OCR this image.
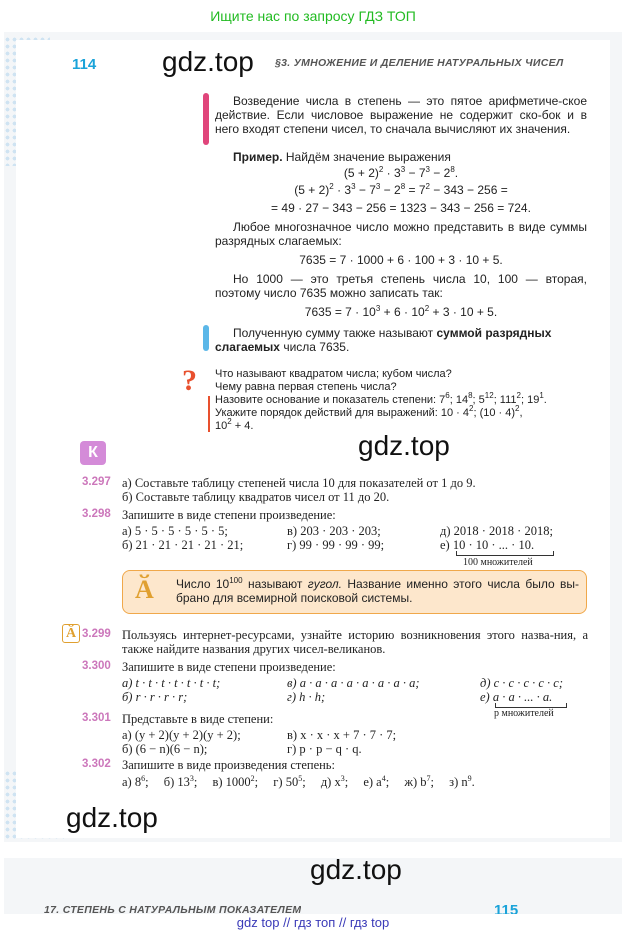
Ищите нас по запросу ГДЗ ТОП
114	§3. УМНОЖЕНИЕ И ДЕЛЕНИЕ НАТУРАЛЬНЫХ ЧИСЕЛ
gdz.top
Возведение числа в степень — это пятое арифметиче-ское действие. Если числовое выражение не содержит ско-бок и в него входят степени чисел, то сначала вычисляют их значения.
Пример. Найдём значение выражения
$(5 + 2)^2 \cdot 3^3 - 7^3 - 2^8$.
$(5 + 2)^2 \cdot 3^3 - 7^3 - 2^8 = 7^2 - 343 - 256$ =
= 49 · 27 − 343 − 256 = 1323 − 343 − 256 = 724.
Любое многозначное число можно представить в виде суммы разрядных слагаемых:
7635 = 7 · 1000 + 6 · 100 + 3 · 10 + 5.
Но 1000 — это третья степень числа 10, 100 — вторая, поэтому число 7635 можно записать так:
$7635 = 7 \cdot 10^3 + 6 \cdot 10^2 + 3 \cdot 10 + 5$.
Полученную сумму также называют суммой разрядных слагаемых числа 7635.
? Что называют квадратом числа; кубом числа?
Чему равна первая степень числа?
Назовите основание и показатель степени: $7^6$; $14^8$; $5^{12}$; $111^2$; $19^1$.
Укажите порядок действий для выражений: $10 \cdot 4^2$; $(10 \cdot 4)^2$,
$10^2 + 4$.
gdz.top
К
3.297 а) Составьте таблицу степеней числа 10 для показателей от 1 до 9.
б) Составьте таблицу квадратов чисел от 11 до 20.
3.298 Запишите в виде степени произведение:
а) 5 · 5 · 5 · 5 · 5 · 5;	в) 203 · 203 · 203;	д) 2018 · 2018 · 2018;
б) 21 · 21 · 21 · 21 · 21;	г) 99 · 99 · 99 · 99;	е) 10 · 10 · ... · 10.
100 множителей
Ӑ Число $10^{100}$ называют гугол. Название именно этого числа было вы-брано для всемирной поисковой системы.
Ӑ 3.299 Пользуясь интернет-ресурсами, узнайте историю возникновения этого назва-ния, а также найдите названия других чисел-великанов.
3.300 Запишите в виде степени произведение:
а) t · t · t · t · t · t · t;	в) a · a · a · a · a · a · a · a;	д) c · c · c · c · c;
б) r · r · r · r;	г) h · h;	е) a · a · ... · a.
p множителей
3.301 Представьте в виде степени:
а) (y + 2)(y + 2)(y + 2);	в) x · x · x + 7 · 7 · 7;
б) (6 − n)(6 − n);	г) p · p − q · q.
3.302 Запишите в виде произведения степень:
а) $8^6$; б) $13^3$; в) 1000$^2$; г) $50^5$; д) $x^3$; е) $a^4$; ж) $b^7$; з) $n^9$.
gdz.top
gdz.top
17. СТЕПЕНЬ С НАТУРАЛЬНЫМ ПОКАЗАТЕЛЕМ	115
gdz top // гдз топ // гдз top
